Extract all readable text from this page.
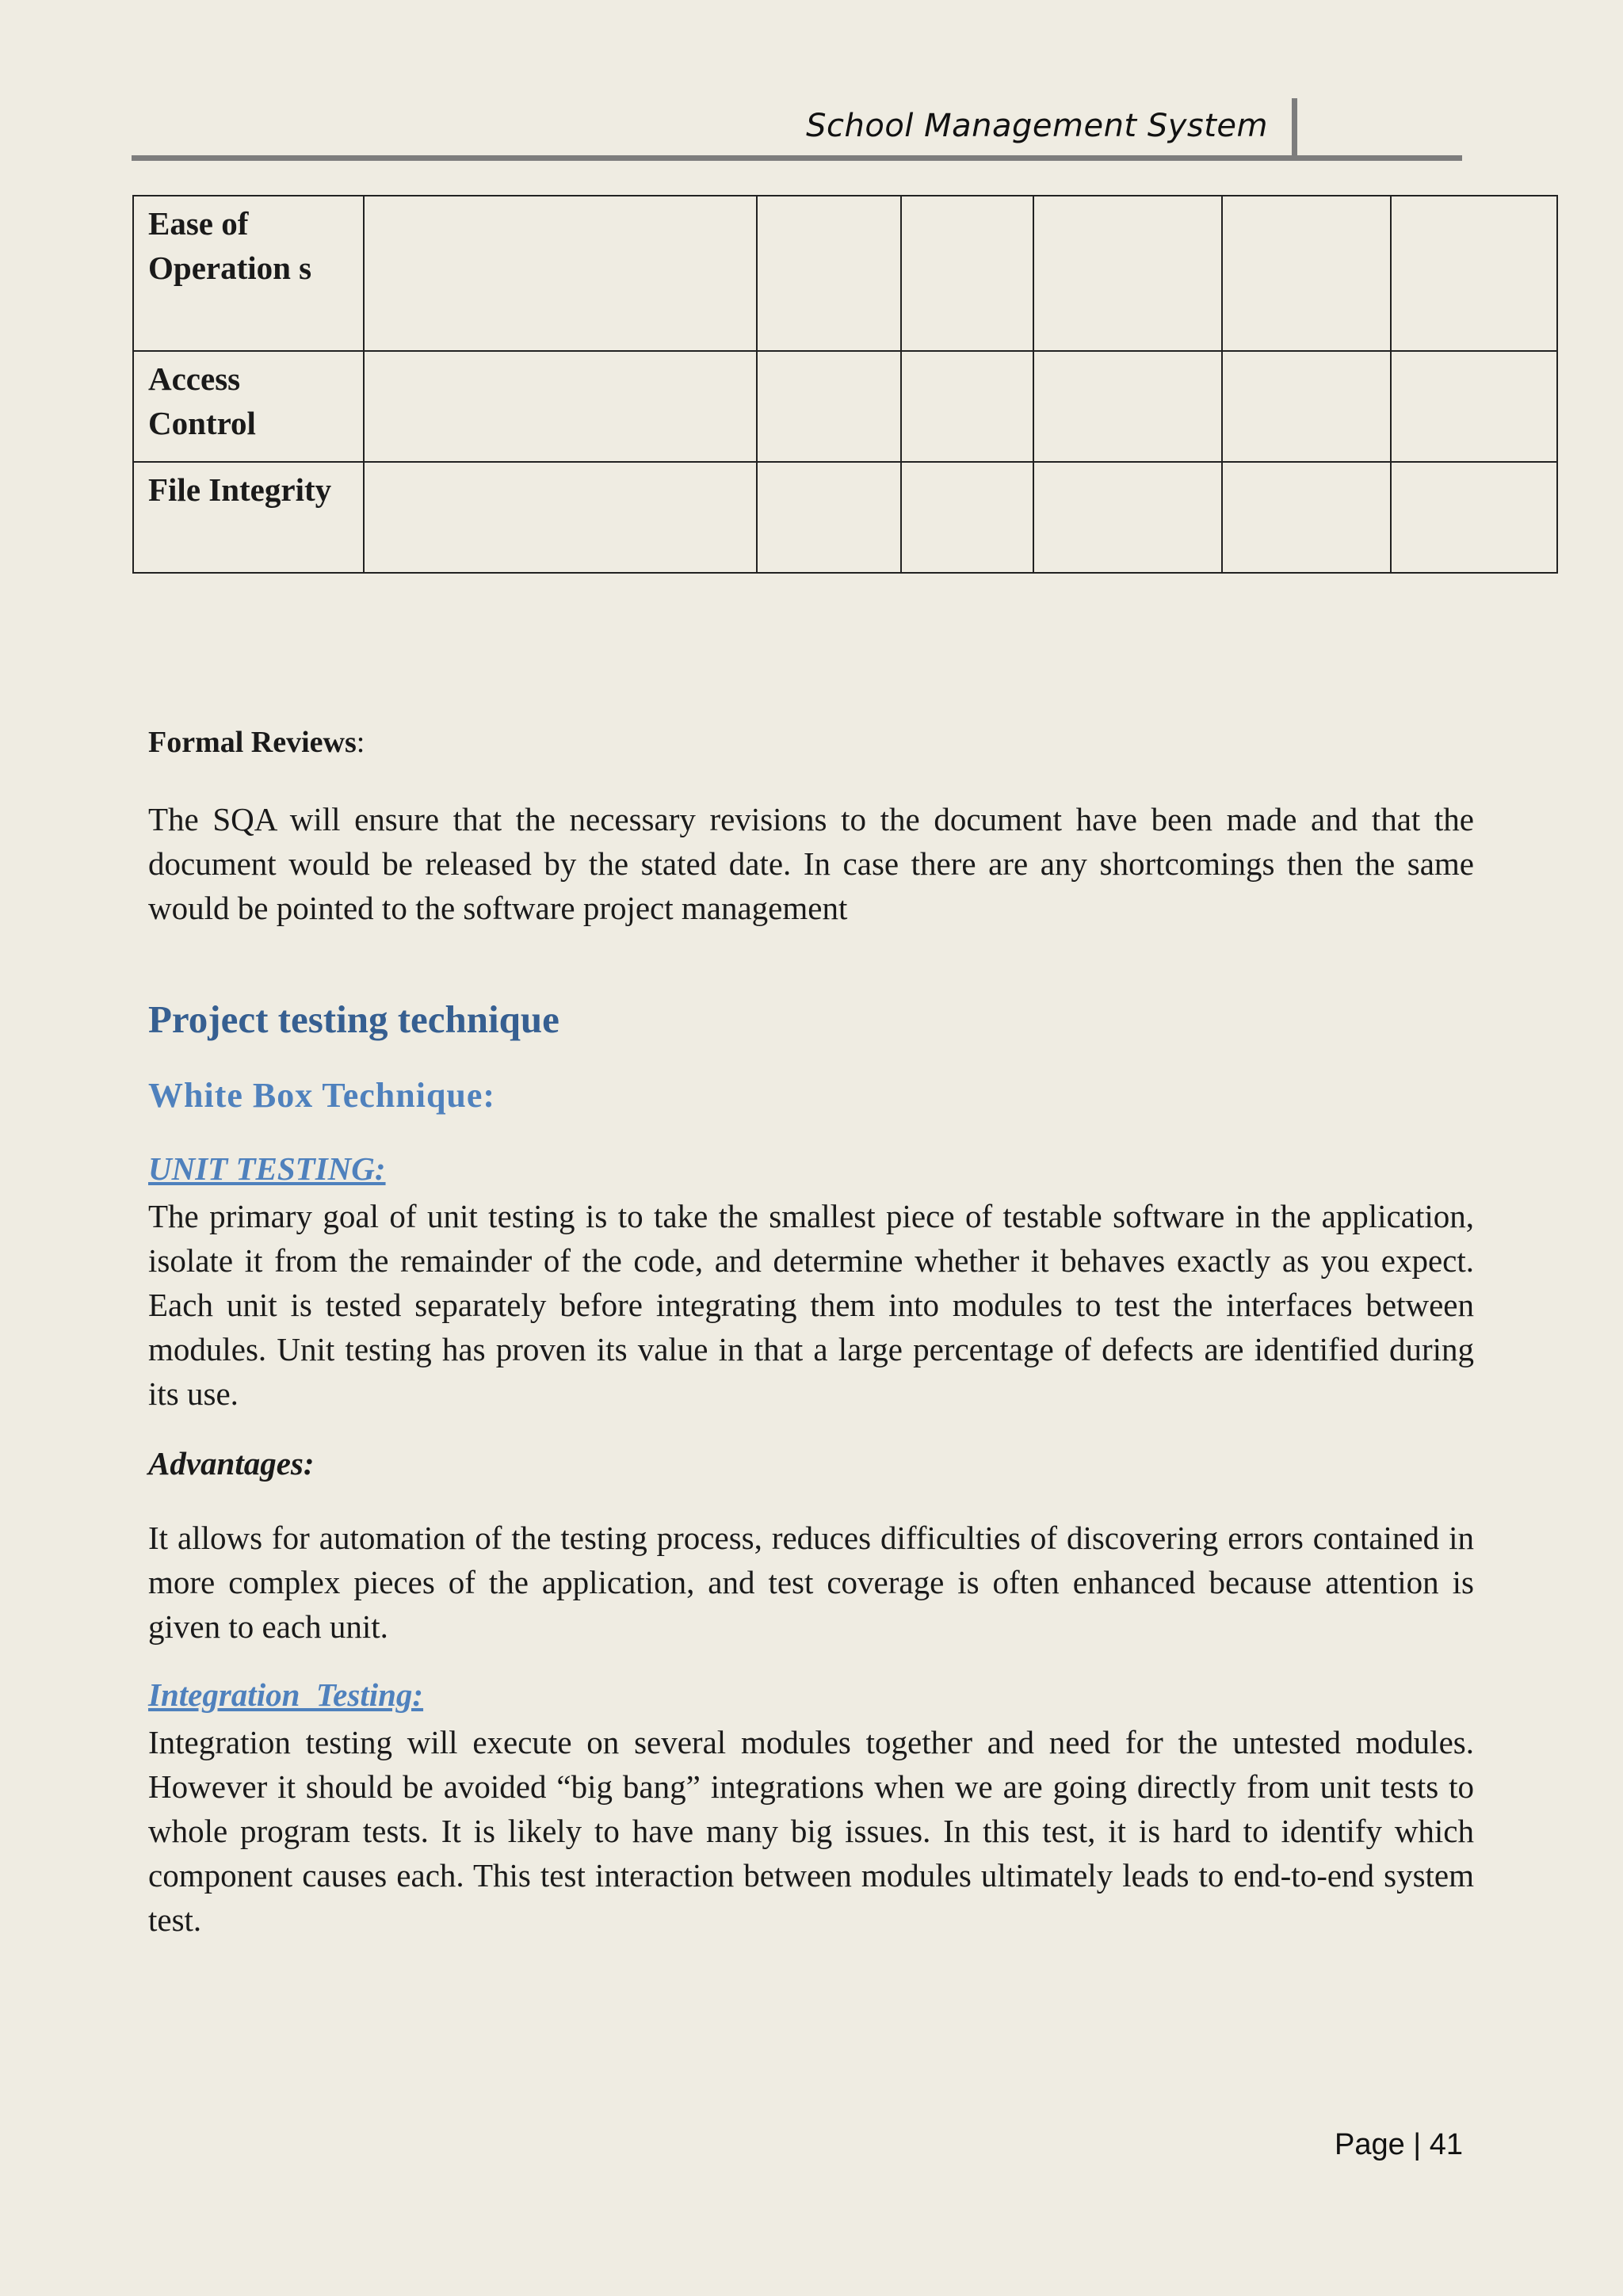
School Management System
Ease of Operation s						
Access Control						
File Integrity						
Formal Reviews:
The SQA will ensure that the necessary revisions to the document have been made and that the document would be released by the stated date. In case there are any shortcomings then the same would be pointed to the software project management
Project testing technique
White Box Technique:
UNIT TESTING:
The primary goal of unit testing is to take the smallest piece of testable software in the application, isolate it from the remainder of the code, and determine whether it behaves exactly as you expect. Each unit is tested separately before integrating them into modules to test the interfaces between modules. Unit testing has proven its value in that a large percentage of defects are identified during its use.
Advantages:
It allows for automation of the testing process, reduces difficulties of discovering errors contained in more complex pieces of the application, and test coverage is often enhanced because attention is given to each unit.
Integration  Testing:
Integration testing will execute on several modules together and need for the untested modules. However it should be avoided “big bang” integrations when we are going directly from unit tests to whole program tests. It is likely to have many big issues. In this test, it is hard to identify which component causes each. This test interaction between modules ultimately leads to end-to-end system test.
Page | 41
